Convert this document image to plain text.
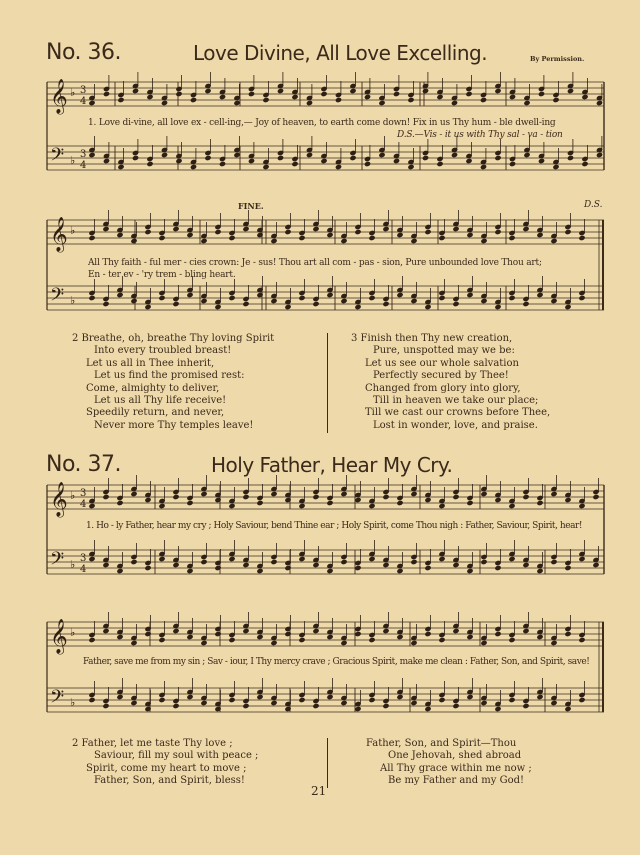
𝄞
𝄢
♭
♭
𝄞
𝄢
♭
♭
𝄞
𝄢
♭
♭
𝄞
𝄢
♭
♭
3
4
3
4
3
4
3
4
No. 36.	Love Divine, All Love Excelling.	By Permission.
1. Love di-vine, all love ex - cell-ing,— Joy of heaven, to earth come down! Fix in us Thy hum - ble dwell-ing
D.S.—Vis - it us with Thy sal - va - tion
FINE.	D.S.
All Thy faith - ful mer - cies crown: Je - sus! Thou art all com - pas - sion, Pure unbounded love Thou art;
En - ter ev - 'ry trem - bling heart.
2 Breathe, oh, breathe Thy loving Spirit
Into every troubled breast!
Let us all in Thee inherit,
Let us find the promised rest:
Come, almighty to deliver,
Let us all Thy life receive!
Speedily return, and never,
Never more Thy temples leave!
3 Finish then Thy new creation,
Pure, unspotted may we be:
Let us see our whole salvation
Perfectly secured by Thee!
Changed from glory into glory,
Till in heaven we take our place;
Till we cast our crowns before Thee,
Lost in wonder, love, and praise.
No. 37.	Holy Father, Hear My Cry.
1. Ho - ly Father, hear my cry ; Holy Saviour, bend Thine ear ; Holy Spirit, come Thou nigh : Father, Saviour, Spirit, hear!
Father, save me from my sin ; Sav - iour, I Thy mercy crave ; Gracious Spirit, make me clean : Father, Son, and Spirit, save!
2 Father, let me taste Thy love ;
Saviour, fill my soul with peace ;
Spirit, come my heart to move ;
Father, Son, and Spirit, bless!
Father, Son, and Spirit—Thou
One Jehovah, shed abroad
All Thy grace within me now ;
Be my Father and my God!
21
